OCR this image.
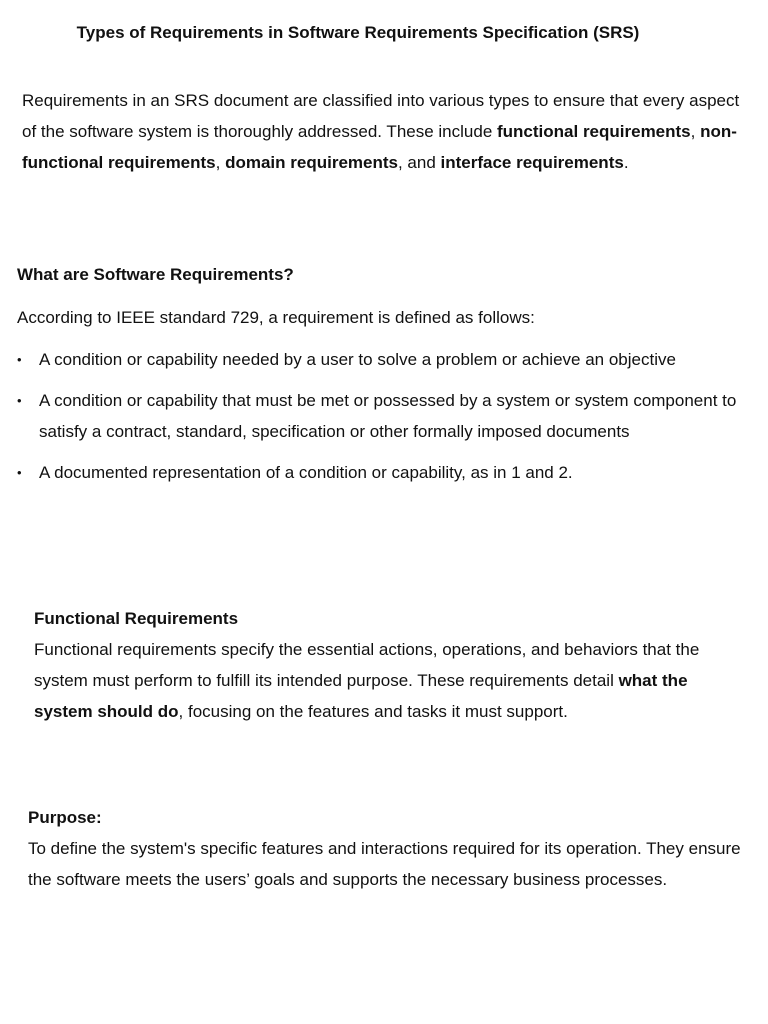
Types of Requirements in Software Requirements Specification (SRS)

Requirements in an SRS document are classified into various types to ensure that every aspect of the software system is thoroughly addressed. These include functional requirements, non-functional requirements, domain requirements, and interface requirements.

What are Software Requirements?

According to IEEE standard 729, a requirement is defined as follows:

•	A condition or capability needed by a user to solve a problem or achieve an objective
•	A condition or capability that must be met or possessed by a system or system component to satisfy a contract, standard, specification or other formally imposed documents
•	A documented representation of a condition or capability, as in 1 and 2.

Functional Requirements

Functional requirements specify the essential actions, operations, and behaviors that the system must perform to fulfill its intended purpose. These requirements detail what the system should do, focusing on the features and tasks it must support.

Purpose:

To define the system's specific features and interactions required for its operation. They ensure the software meets the users’ goals and supports the necessary business processes.
